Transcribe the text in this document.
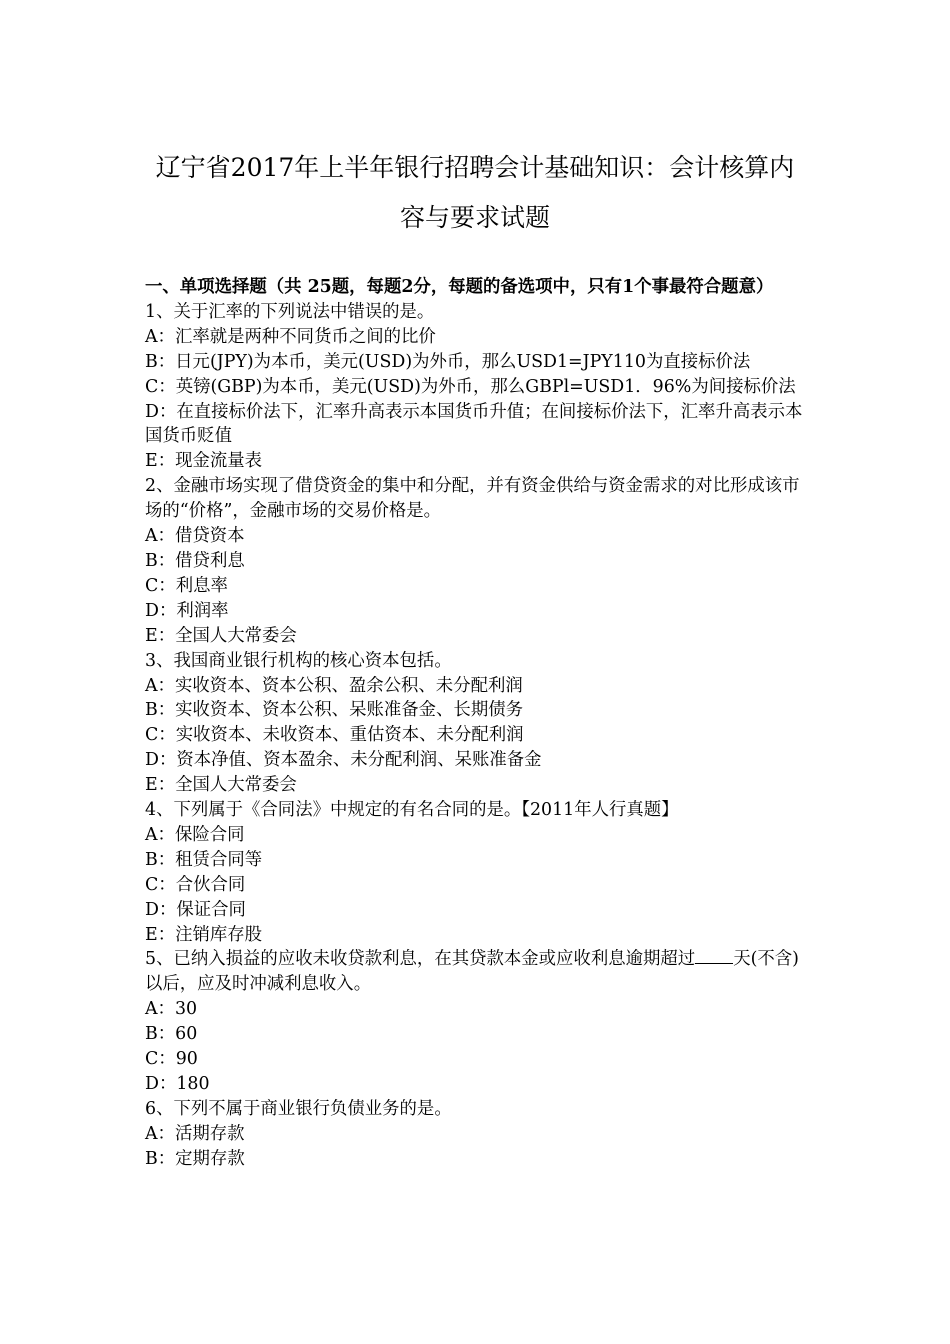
辽宁省2017年上半年银行招聘会计基础知识：会计核算内
容与要求试题

一、单项选择题（共 25题，每题2分，每题的备选项中，只有1个事最符合题意）

1、关于汇率的下列说法中错误的是。

A：汇率就是两种不同货币之间的比价

B：日元(JPY)为本币，美元(USD)为外币，那么USD1=JPY110为直接标价法

C：英镑(GBP)为本币，美元(USD)为外币，那么GBPl=USD1．96%为间接标价法

D：在直接标价法下，汇率升高表示本国货币升值；在间接标价法下，汇率升高表示本国货币贬值

E：现金流量表

2、金融市场实现了借贷资金的集中和分配，并有资金供给与资金需求的对比形成该市场的“价格”，金融市场的交易价格是。

A：借贷资本

B：借贷利息

C：利息率

D：利润率

E：全国人大常委会

3、我国商业银行机构的核心资本包括。

A：实收资本、资本公积、盈余公积、未分配利润

B：实收资本、资本公积、呆账准备金、长期债务

C：实收资本、未收资本、重估资本、未分配利润

D：资本净值、资本盈余、未分配利润、呆账准备金

E：全国人大常委会

4、下列属于《合同法》中规定的有名合同的是。【2011年人行真题】

A：保险合同

B：租赁合同等

C：合伙合同

D：保证合同

E：注销库存股

5、已纳入损益的应收未收贷款利息，在其贷款本金或应收利息逾期超过 天(不含)以后，应及时冲减利息收入。

A：30

B：60

C：90

D：180

6、下列不属于商业银行负债业务的是。

A：活期存款

B：定期存款
